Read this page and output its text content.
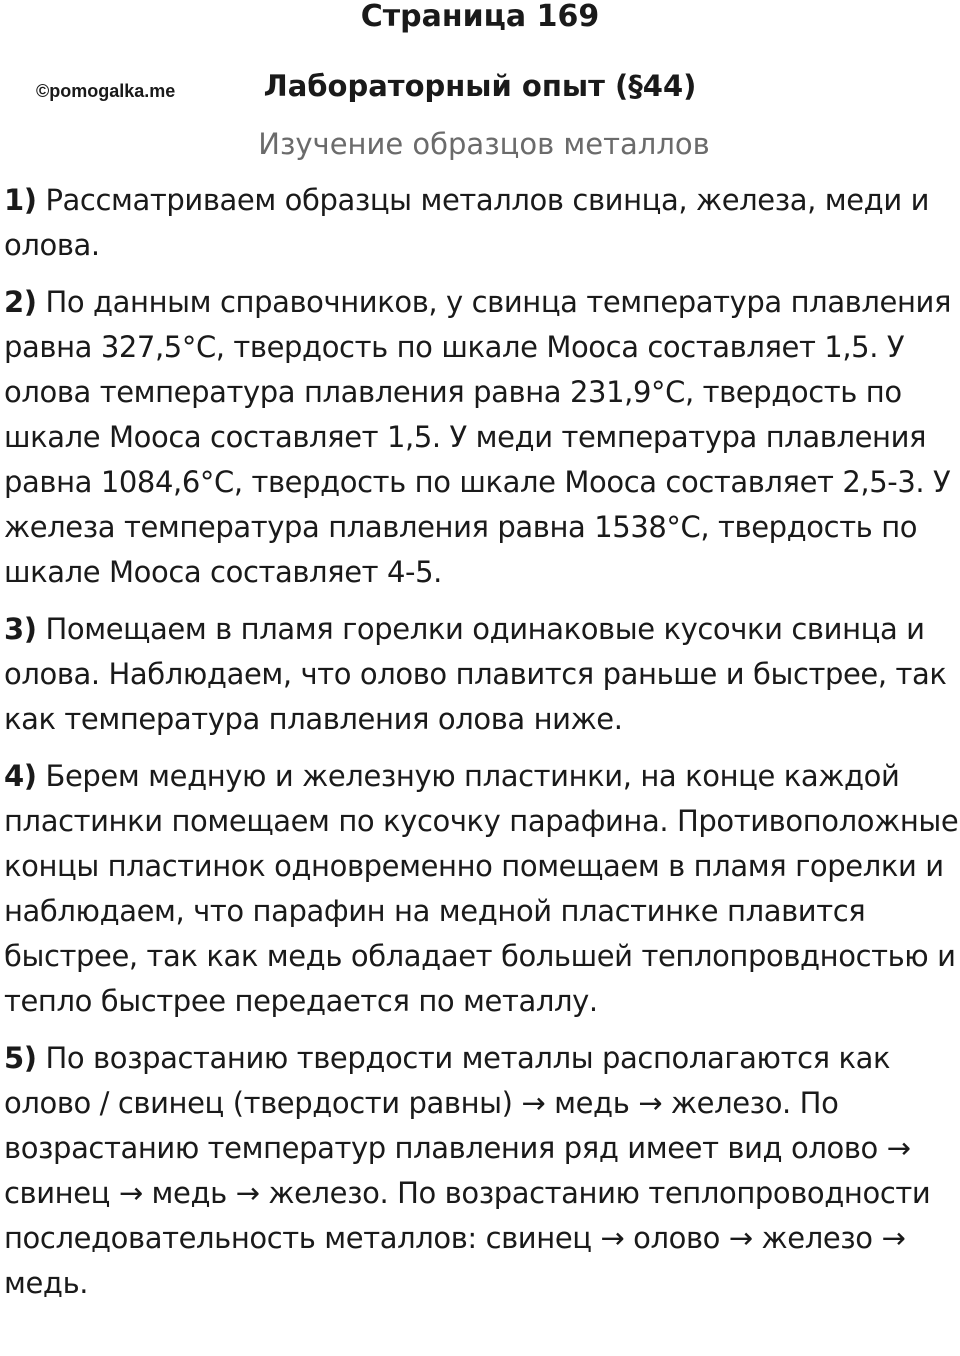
Страница 169
©pomogalka.me	Лабораторный опыт (§44)
Изучение образцов металлов

1) Рассматриваем образцы металлов свинца, железа, меди и олова.

2) По данным справочников, у свинца температура плавления равна 327,5°С, твердость по шкале Мооса составляет 1,5. У олова температура плавления равна 231,9°С, твердость по шкале Мооса составляет 1,5. У меди температура плавления равна 1084,6°С, твердость по шкале Мооса составляет 2,5-3. У железа температура плавления равна 1538°С, твердость по шкале Мооса составляет 4-5.

3) Помещаем в пламя горелки одинаковые кусочки свинца и олова. Наблюдаем, что олово плавится раньше и быстрее, так как температура плавления олова ниже.

4) Берем медную и железную пластинки, на конце каждой пластинки помещаем по кусочку парафина. Противоположные концы пластинок одновременно помещаем в пламя горелки и наблюдаем, что парафин на медной пластинке плавится быстрее, так как медь обладает большей теплопровдностью и тепло быстрее передается по металлу.

5) По возрастанию твердости металлы располагаются как олово / свинец (твердости равны) → медь → железо. По возрастанию температур плавления ряд имеет вид олово → свинец → медь → железо. По возрастанию теплопроводности последовательность металлов: свинец → олово → железо → медь.
